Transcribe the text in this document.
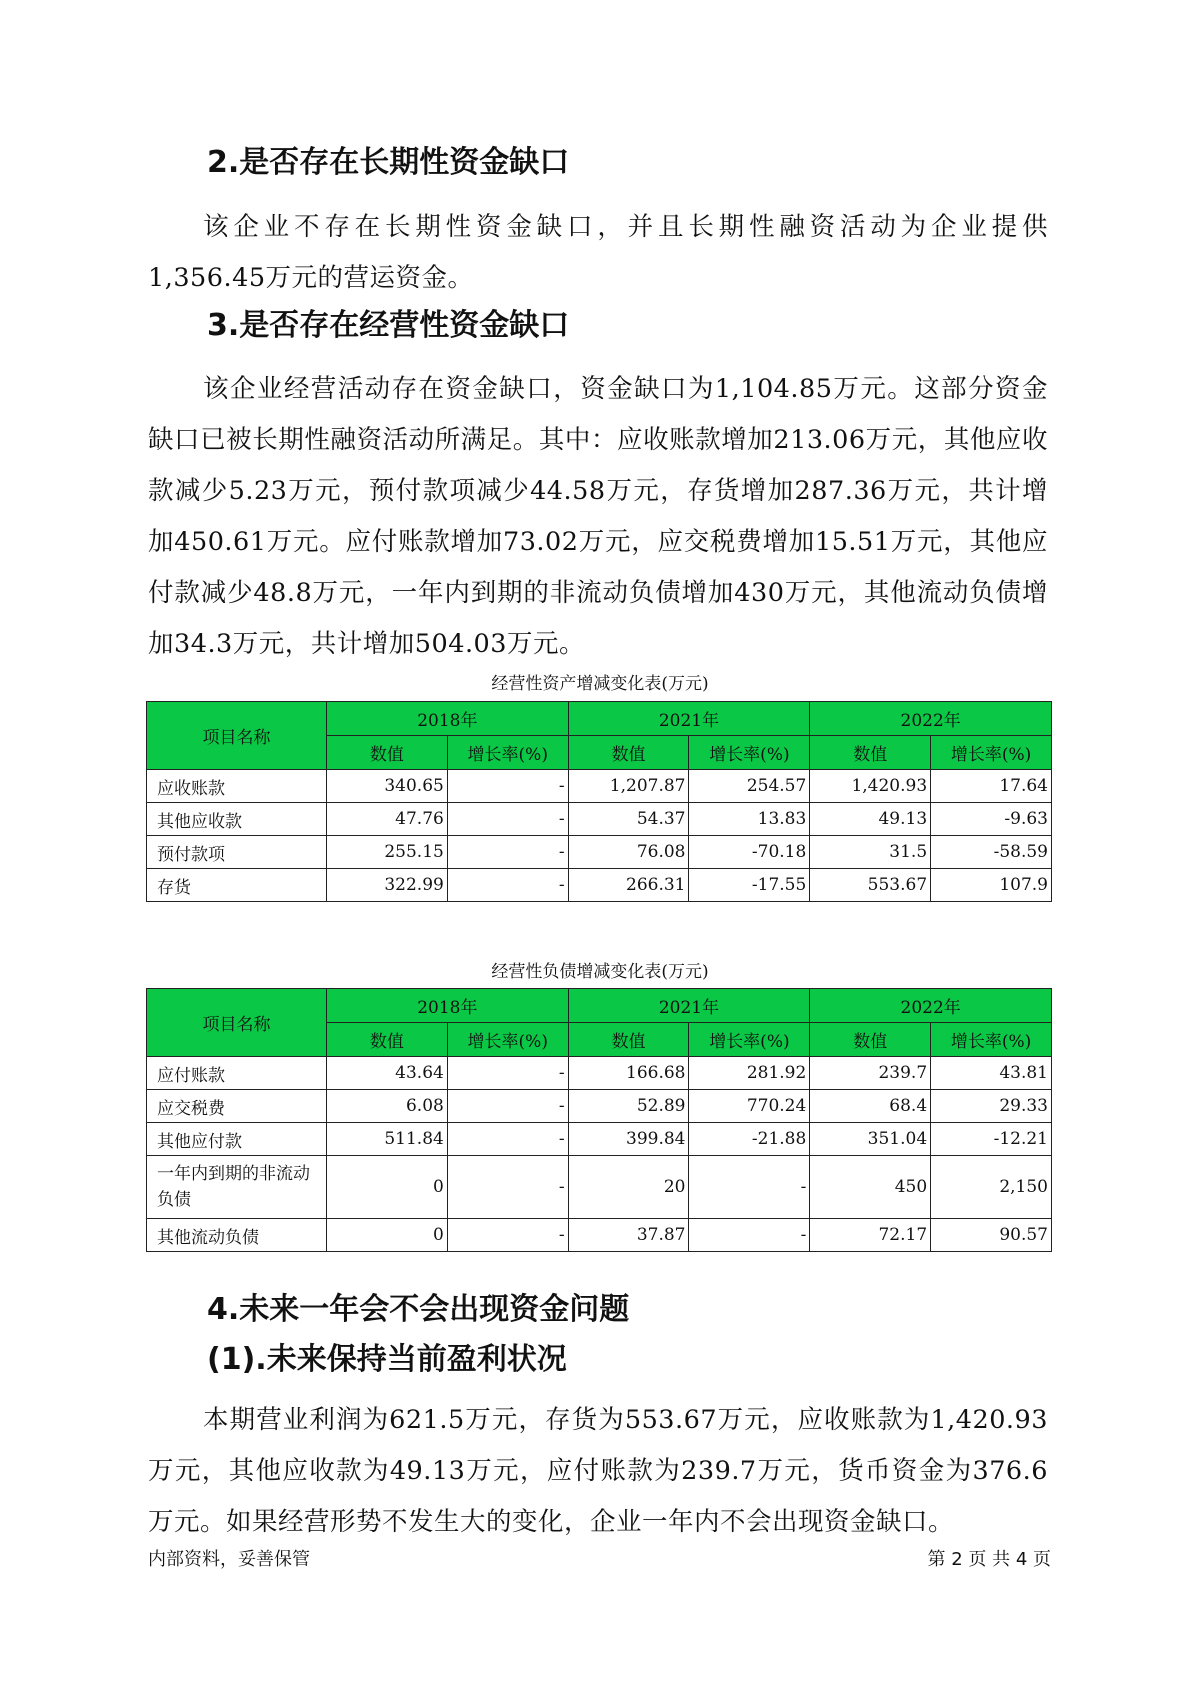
2.是否存在长期性资金缺口

该企业不存在长期性资金缺口，并且长期性融资活动为企业提供1,356.45万元的营运资金。

3.是否存在经营性资金缺口

该企业经营活动存在资金缺口，资金缺口为1,104.85万元。这部分资金缺口已被长期性融资活动所满足。其中：应收账款增加213.06万元，其他应收款减少5.23万元，预付款项减少44.58万元，存货增加287.36万元，共计增加450.61万元。应付账款增加73.02万元，应交税费增加15.51万元，其他应付款减少48.8万元，一年内到期的非流动负债增加430万元，其他流动负债增加34.3万元，共计增加504.03万元。

经营性资产增减变化表(万元)
项目名称	2018年		2021年		2022年	
	数值	增长率(%)	数值	增长率(%)	数值	增长率(%)
应收账款	340.65	-	1,207.87	254.57	1,420.93	17.64
其他应收款	47.76	-	54.37	13.83	49.13	-9.63
预付款项	255.15	-	76.08	-70.18	31.5	-58.59
存货	322.99	-	266.31	-17.55	553.67	107.9
经营性负债增减变化表(万元)
项目名称	2018年		2021年		2022年	
	数值	增长率(%)	数值	增长率(%)	数值	增长率(%)
应付账款	43.64	-	166.68	281.92	239.7	43.81
应交税费	6.08	-	52.89	770.24	68.4	29.33
其他应付款	511.84	-	399.84	-21.88	351.04	-12.21
一年内到期的非流动负债	0	-	20	-	450	2,150
其他流动负债	0	-	37.87	-	72.17	90.57
4.未来一年会不会出现资金问题
(1).未来保持当前盈利状况

本期营业利润为621.5万元，存货为553.67万元，应收账款为1,420.93万元，其他应收款为49.13万元，应付账款为239.7万元，货币资金为376.6万元。如果经营形势不发生大的变化，企业一年内不会出现资金缺口。

内部资料，妥善保管	第 2 页 共 4 页
